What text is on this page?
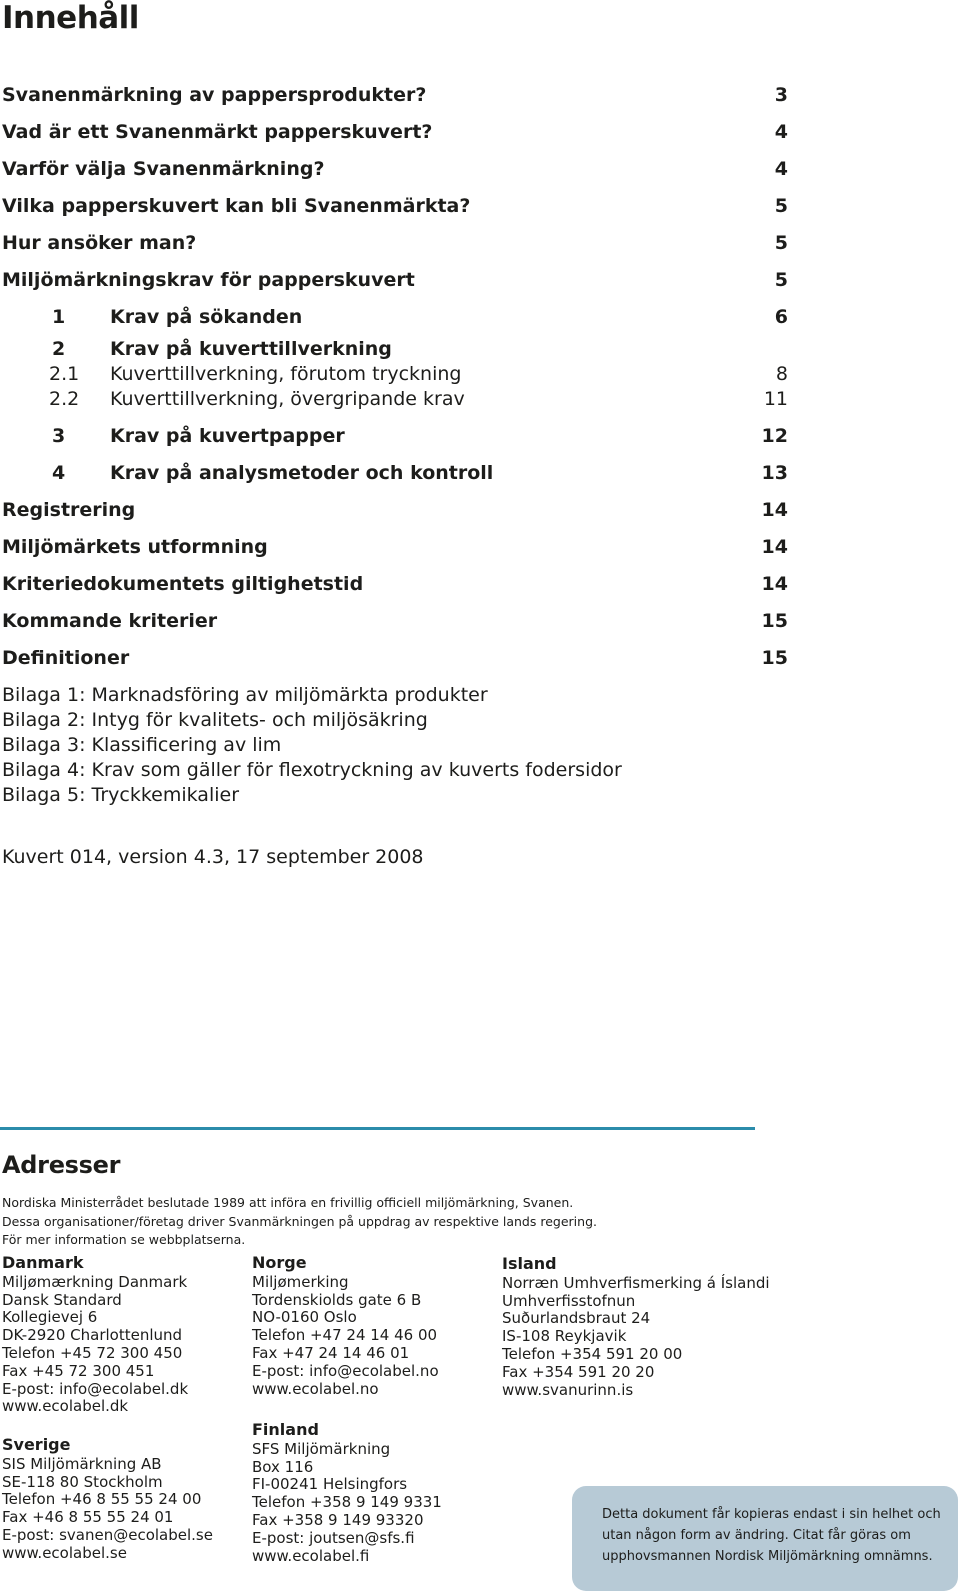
Innehåll
Svanenmärkning av pappersprodukter?	3
Vad är ett Svanenmärkt papperskuvert?	4
Varför välja Svanenmärkning?	4
Vilka papperskuvert kan bli Svanenmärkta?	5
Hur ansöker man?	5
Miljömärkningskrav för papperskuvert	5
1 Krav på sökanden	6
2 Krav på kuverttillverkning
2.1 Kuverttillverkning, förutom tryckning	8
2.2 Kuverttillverkning, övergripande krav	11
3 Krav på kuvertpapper	12
4 Krav på analysmetoder och kontroll	13
Registrering	14
Miljömärkets utformning	14
Kriteriedokumentets giltighetstid	14
Kommande kriterier	15
Definitioner	15
Bilaga 1: Marknadsföring av miljömärkta produkter
Bilaga 2: Intyg för kvalitets- och miljösäkring
Bilaga 3: Klassificering av lim
Bilaga 4: Krav som gäller för flexotryckning av kuverts fodersidor
Bilaga 5: Tryckkemikalier
Kuvert 014, version 4.3, 17 september 2008
Adresser
Nordiska Ministerrådet beslutade 1989 att införa en frivillig officiell miljömärkning, Svanen.
Dessa organisationer/företag driver Svanmärkningen på uppdrag av respektive lands regering.
För mer information se webbplatserna.
Danmark
Miljømærkning Danmark
Dansk Standard
Kollegievej 6
DK-2920 Charlottenlund
Telefon +45 72 300 450
Fax +45 72 300 451
E-post: info@ecolabel.dk
www.ecolabel.dk
Sverige
SIS Miljömärkning AB
SE-118 80 Stockholm
Telefon +46 8 55 55 24 00
Fax +46 8 55 55 24 01
E-post: svanen@ecolabel.se
www.ecolabel.se
Norge
Miljømerking
Tordenskiolds gate 6 B
NO-0160 Oslo
Telefon +47 24 14 46 00
Fax +47 24 14 46 01
E-post: info@ecolabel.no
www.ecolabel.no
Finland
SFS Miljömärkning
Box 116
FI-00241 Helsingfors
Telefon +358 9 149 9331
Fax +358 9 149 93320
E-post: joutsen@sfs.fi
www.ecolabel.fi
Island
Norræn Umhverfismerking á Íslandi
Umhverfisstofnun
Suðurlandsbraut 24
IS-108 Reykjavik
Telefon +354 591 20 00
Fax +354 591 20 20
www.svanurinn.is
Detta dokument får kopieras endast i sin helhet och
utan någon form av ändring. Citat får göras om
upphovsmannen Nordisk Miljömärkning omnämns.
